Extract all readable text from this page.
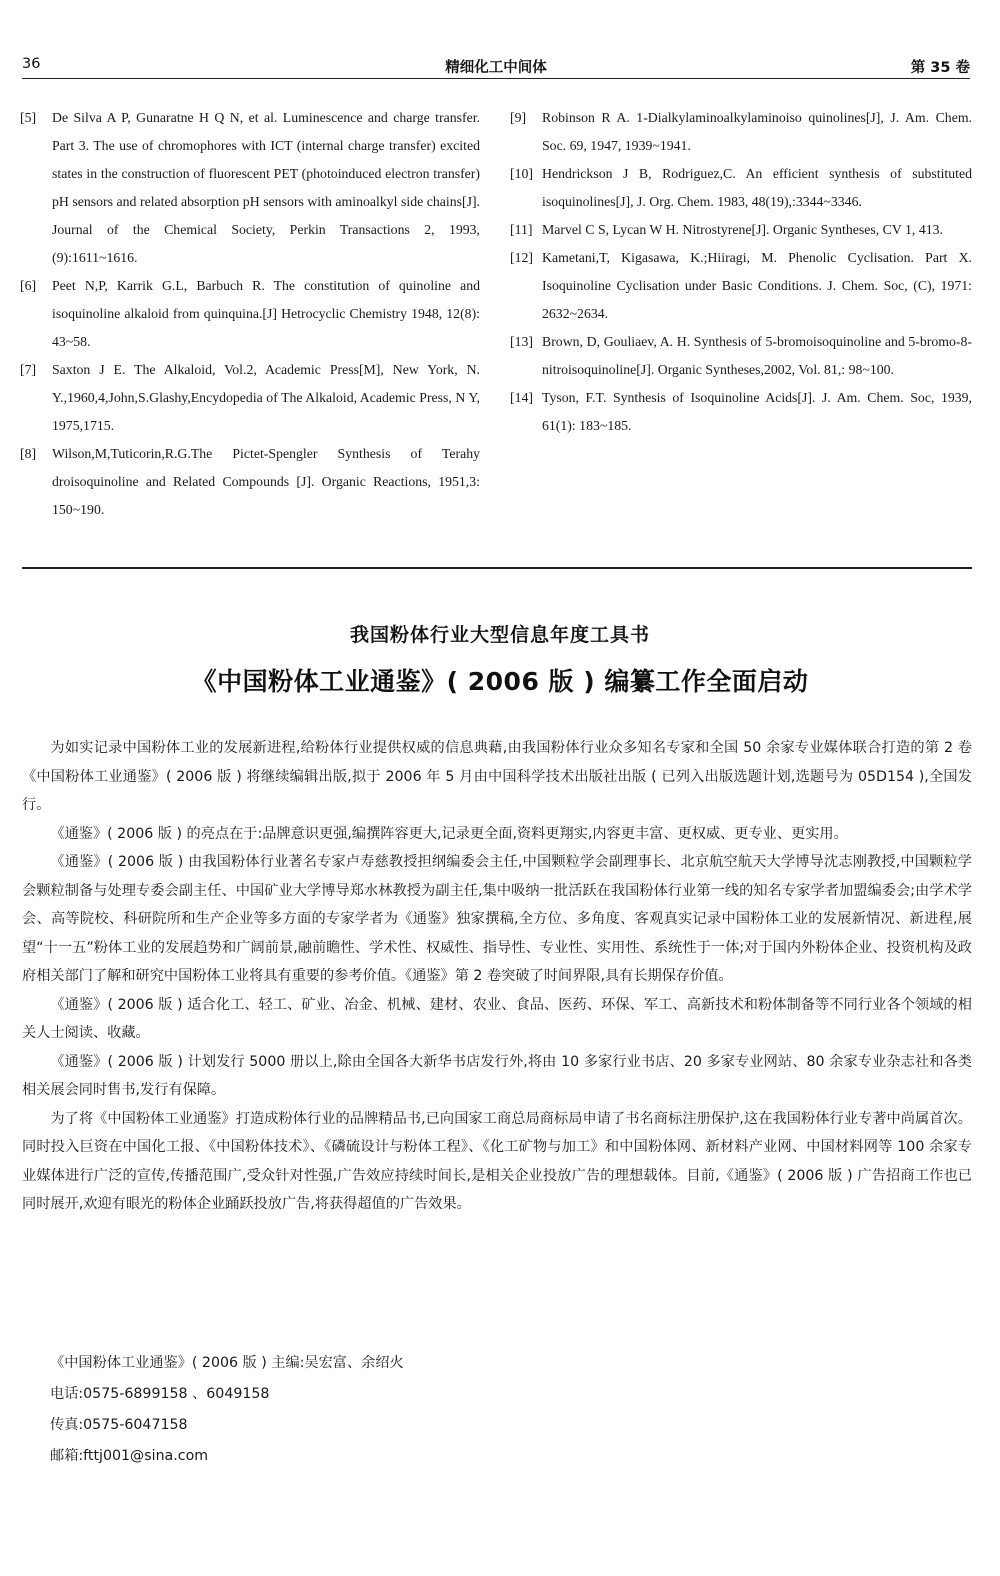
36	精细化工中间体	第 35 卷

[5] De Silva A P, Gunaratne H Q N, et al. Luminescence and charge transfer. Part 3. The use of chromophores with ICT (internal charge transfer) excited states in the construction of fluorescent PET (photoinduced electron transfer) pH sensors and related absorption pH sensors with aminoalkyl side chains[J]. Journal of the Chemical Society, Perkin Transactions 2, 1993, (9):1611~1616.

[6] Peet N,P, Karrik G.L, Barbuch R. The constitution of quinoline and isoquinoline alkaloid from quinquina.[J] Hetrocyclic Chemistry 1948, 12(8): 43~58.

[7] Saxton J E. The Alkaloid, Vol.2, Academic Press[M], New York, N. Y.,1960,4,John,S.Glashy,Encydopedia of The Alkaloid, Academic Press, N Y, 1975,1715.

[8] Wilson,M,Tuticorin,R.G.The Pictet-Spengler Synthesis of Terahy droisoquinoline and Related Compounds [J]. Organic Reactions, 1951,3: 150~190.

[9] Robinson R A. 1-Dialkylaminoalkylaminoiso quinolines[J], J. Am. Chem. Soc. 69, 1947, 1939~1941.

[10] Hendrickson J B, Rodriguez,C. An efficient synthesis of substituted isoquinolines[J], J. Org. Chem. 1983, 48(19),:3344~3346.

[11] Marvel C S, Lycan W H. Nitrostyrene[J]. Organic Syntheses, CV 1, 413.

[12] Kametani,T, Kigasawa, K.;Hiiragi, M. Phenolic Cyclisation. Part X. Isoquinoline Cyclisation under Basic Conditions. J. Chem. Soc, (C), 1971: 2632~2634.

[13] Brown, D, Gouliaev, A. H. Synthesis of 5-bromoisoquinoline and 5-bromo-8-nitroisoquinoline[J]. Organic Syntheses,2002, Vol. 81,: 98~100.

[14] Tyson, F.T. Synthesis of Isoquinoline Acids[J]. J. Am. Chem. Soc, 1939, 61(1): 183~185.

我国粉体行业大型信息年度工具书
《中国粉体工业通鉴》( 2006 版 ) 编纂工作全面启动

为如实记录中国粉体工业的发展新进程,给粉体行业提供权威的信息典藉,由我国粉体行业众多知名专家和全国 50 余家专业媒体联合打造的第 2 卷《中国粉体工业通鉴》( 2006 版 ) 将继续编辑出版,拟于 2006 年 5 月由中国科学技术出版社出版 ( 已列入出版选题计划,选题号为 05D154 ),全国发行。

《通鉴》( 2006 版 ) 的亮点在于:品牌意识更强,编撰阵容更大,记录更全面,资料更翔实,内容更丰富、更权威、更专业、更实用。

《通鉴》( 2006 版 ) 由我国粉体行业著名专家卢寿慈教授担纲编委会主任,中国颗粒学会副理事长、北京航空航天大学博导沈志刚教授,中国颗粒学会颗粒制备与处理专委会副主任、中国矿业大学博导郑水林教授为副主任,集中吸纳一批活跃在我国粉体行业第一线的知名专家学者加盟编委会;由学术学会、高等院校、科研院所和生产企业等多方面的专家学者为《通鉴》独家撰稿,全方位、多角度、客观真实记录中国粉体工业的发展新情况、新进程,展望“十一五”粉体工业的发展趋势和广阔前景,融前瞻性、学术性、权威性、指导性、专业性、实用性、系统性于一体;对于国内外粉体企业、投资机构及政府相关部门了解和研究中国粉体工业将具有重要的参考价值。《通鉴》第 2 卷突破了时间界限,具有长期保存价值。

《通鉴》( 2006 版 ) 适合化工、轻工、矿业、冶金、机械、建材、农业、食品、医药、环保、军工、高新技术和粉体制备等不同行业各个领域的相关人士阅读、收藏。

《通鉴》( 2006 版 ) 计划发行 5000 册以上,除由全国各大新华书店发行外,将由 10 多家行业书店、20 多家专业网站、80 余家专业杂志社和各类相关展会同时售书,发行有保障。

为了将《中国粉体工业通鉴》打造成粉体行业的品牌精品书,已向国家工商总局商标局申请了书名商标注册保护,这在我国粉体行业专著中尚属首次。同时投入巨资在中国化工报、《中国粉体技术》、《磷硫设计与粉体工程》、《化工矿物与加工》和中国粉体网、新材料产业网、中国材料网等 100 余家专业媒体进行广泛的宣传,传播范围广,受众针对性强,广告效应持续时间长,是相关企业投放广告的理想载体。目前,《通鉴》( 2006 版 ) 广告招商工作也已同时展开,欢迎有眼光的粉体企业踊跃投放广告,将获得超值的广告效果。

《中国粉体工业通鉴》( 2006 版 ) 主编:吴宏富、余绍火
电话:0575-6899158 、6049158
传真:0575-6047158
邮箱:fttj001@sina.com
